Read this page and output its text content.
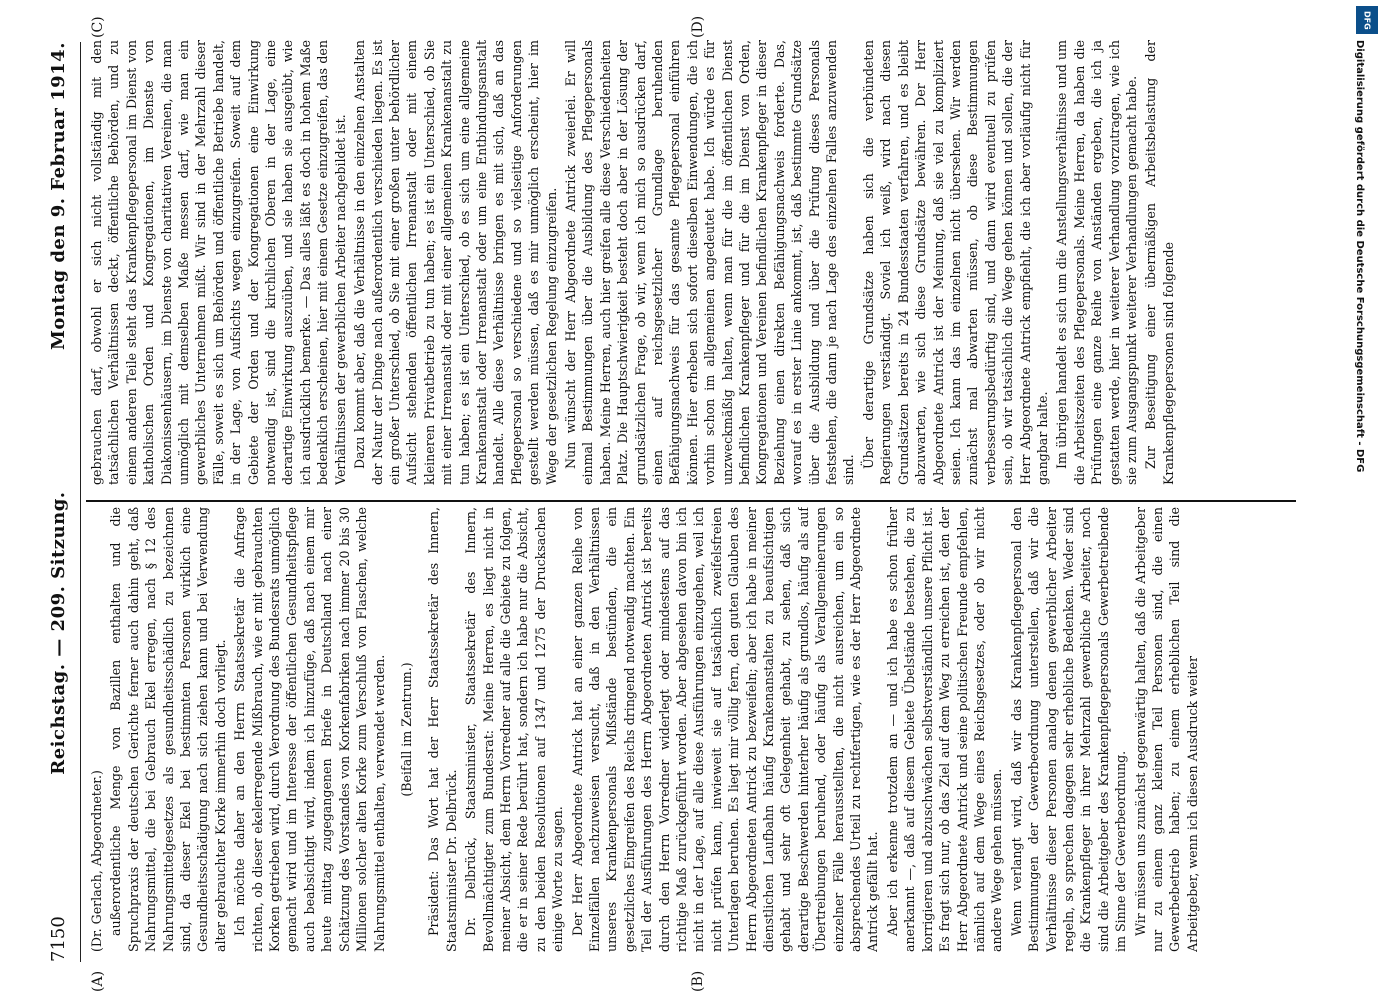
7150
Reichstag. — 209. Sitzung.
Montag den 9. Februar 1914.
(A)	(B)
(C)	(D)

(Dr. Gerlach, Abgeordneter.) außerordentliche Menge von Bazillen enthalten und die Spruchpraxis der deutschen Gerichte ferner auch dahin geht, daß Nahrungsmittel, die bei Gebrauch Ekel erregen, nach § 12 des Nahrungsmittelgesetzes als gesundheitsschädlich zu bezeichnen sind, da dieser Ekel bei bestimmten Personen wirklich eine Gesundheitsschädigung nach sich ziehen kann und bei Verwendung alter gebrauchter Korke immerhin doch vorliegt. Ich möchte daher an den Herrn Staatssekretär die Anfrage richten, ob dieser ekelerregende Mißbrauch, wie er mit gebrauchten Korken getrieben wird, durch Verordnung des Bundesrats unmöglich gemacht wird und im Interesse der öffentlichen Gesundheitspflege auch beabsichtigt wird, indem ich hinzufüge, daß nach einem mir heute mittag zugegangenen Briefe in Deutschland nach einer Schätzung des Vorstandes von Korkenfabriken nach immer 20 bis 30 Millionen solcher alten Korke zum Verschluß von Flaschen, welche Nahrungsmittel enthalten, verwendet werden. (Beifall im Zentrum.) Präsident: Das Wort hat der Herr Staatssekretär des Innern, Staatsminister Dr. Delbrück. Dr. Delbrück, Staatsminister, Staatssekretär des Innern, Bevollmächtigter zum Bundesrat: Meine Herren, es liegt nicht in meiner Absicht, dem Herrn Vorredner auf alle die Gebiete zu folgen, die er in seiner Rede berührt hat, sondern ich habe nur die Absicht, zu den beiden Resolutionen auf 1347 und 1275 der Drucksachen einige Worte zu sagen. Der Herr Abgeordnete Antrick hat an einer ganzen Reihe von Einzelfällen nachzuweisen versucht, daß in den Verhältnissen unseres Krankenpersonals Mißstände bestünden, die ein gesetzliches Eingreifen des Reichs dringend notwendig machten. Ein Teil der Ausführungen des Herrn Abgeordneten Antrick ist bereits durch den Herrn Vorredner widerlegt oder mindestens auf das richtige Maß zurückgeführt worden. Aber abgesehen davon bin ich nicht in der Lage, auf alle diese Ausführungen einzugehen, weil ich nicht prüfen kann, inwieweit sie auf tatsächlich zweifelsfreien Unterlagen beruhen. Es liegt mir völlig fern, den guten Glauben des Herrn Abgeordneten Antrick zu bezweifeln; aber ich habe in meiner dienstlichen Laufbahn häufig Krankenanstalten zu beaufsichtigen gehabt und sehr oft Gelegenheit gehabt, zu sehen, daß sich derartige Beschwerden hinterher häufig als grundlos, häufig als auf Übertreibungen beruhend, oder häufig als Verallgemeinerungen einzelner Fälle herausstellten, die nicht ausreichen, um ein so absprechendes Urteil zu rechtfertigen, wie es der Herr Abgeordnete Antrick gefällt hat. Aber ich erkenne trotzdem an — und ich habe es schon früher anerkannt —, daß auf diesem Gebiete Übelstände bestehen, die zu korrigieren und abzuschwächen selbstverständlich unsere Pflicht ist. Es fragt sich nur, ob das Ziel auf dem Weg zu erreichen ist, den der Herr Abgeordnete Antrick und seine politischen Freunde empfehlen, nämlich auf dem Wege eines Reichsgesetzes, oder ob wir nicht andere Wege gehen müssen. Wenn verlangt wird, daß wir das Krankenpflegepersonal den Bestimmungen der Gewerbeordnung unterstellen, daß wir die Verhältnisse dieser Personen analog denen gewerblicher Arbeiter regeln, so sprechen dagegen sehr erhebliche Bedenken. Weder sind die Krankenpfleger in ihrer Mehrzahl gewerbliche Arbeiter, noch sind die Arbeitgeber des Krankenpflegepersonals Gewerbetreibende im Sinne der Gewerbeordnung. Wir müssen uns zunächst gegenwärtig halten, daß die Arbeitgeber nur zu einem ganz kleinen Teil Personen sind, die einen Gewerbebetrieb haben; zu einem erheblichen Teil sind die Arbeitgeber, wenn ich diesen Ausdruck weiter

gebrauchen darf, obwohl er sich nicht vollständig mit den tatsächlichen Verhältnissen deckt, öffentliche Behörden, und zu einem anderen Teile steht das Krankenpflegepersonal im Dienst von katholischen Orden und Kongregationen, im Dienste von Diakonissenhäusern, im Dienste von charitativen Vereinen, die man unmöglich mit demselben Maße messen darf, wie man ein gewerbliches Unternehmen mißt. Wir sind in der Mehrzahl dieser Fälle, soweit es sich um Behörden und öffentliche Betriebe handelt, in der Lage, von Aufsichts wegen einzugreifen. Soweit auf dem Gebiete der Orden und der Kongregationen eine Einwirkung notwendig ist, sind die kirchlichen Oberen in der Lage, eine derartige Einwirkung auszuüben, und sie haben sie ausgeübt, wie ich ausdrücklich bemerke. — Das alles läßt es doch in hohem Maße bedenklich erscheinen, hier mit einem Gesetze einzugreifen, das den Verhältnissen der gewerblichen Arbeiter nachgebildet ist. Dazu kommt aber, daß die Verhältnisse in den einzelnen Anstalten der Natur der Dinge nach außerordentlich verschieden liegen. Es ist ein großer Unterschied, ob Sie mit einer großen unter behördlicher Aufsicht stehenden öffentlichen Irrenanstalt oder mit einem kleineren Privatbetrieb zu tun haben; es ist ein Unterschied, ob Sie mit einer Irrenanstalt oder mit einer allgemeinen Krankenanstalt zu tun haben; es ist ein Unterschied, ob es sich um eine allgemeine Krankenanstalt oder Irrenanstalt oder um eine Entbindungsanstalt handelt. Alle diese Verhältnisse bringen es mit sich, daß an das Pflegepersonal so verschiedene und so vielseitige Anforderungen gestellt werden müssen, daß es mir unmöglich erscheint, hier im Wege der gesetzlichen Regelung einzugreifen. Nun wünscht der Herr Abgeordnete Antrick zweierlei. Er will einmal Bestimmungen über die Ausbildung des Pflegepersonals haben. Meine Herren, auch hier greifen alle diese Verschiedenheiten Platz. Die Hauptschwierigkeit besteht doch aber in der Lösung der grundsätzlichen Frage, ob wir, wenn ich mich so ausdrücken darf, einen auf reichsgesetzlicher Grundlage beruhenden Befähigungsnachweis für das gesamte Pflegepersonal einführen können. Hier erheben sich sofort dieselben Einwendungen, die ich vorhin schon im allgemeinen angedeutet habe. Ich würde es für unzweckmäßig halten, wenn man für die im öffentlichen Dienst befindlichen Krankenpfleger und für die im Dienst von Orden, Kongregationen und Vereinen befindlichen Krankenpfleger in dieser Beziehung einen direkten Befähigungsnachweis forderte. Das, worauf es in erster Linie ankommt, ist, daß bestimmte Grundsätze über die Ausbildung und über die Prüfung dieses Personals feststehen, die dann je nach Lage des einzelnen Falles anzuwenden sind.

Über derartige Grundsätze haben sich die verbündeten Regierungen verständigt. Soviel ich weiß, wird nach diesen Grundsätzen bereits in 24 Bundesstaaten verfahren, und es bleibt abzuwarten, wie sich diese Grundsätze bewähren. Der Herr Abgeordnete Antrick ist der Meinung, daß sie viel zu kompliziert seien. Ich kann das im einzelnen nicht übersehen. Wir werden zunächst mal abwarten müssen, ob diese Bestimmungen verbesserungsbedürftig sind, und dann wird eventuell zu prüfen sein, ob wir tatsächlich die Wege gehen können und sollen, die der Herr Abgeordnete Antrick empfiehlt, die ich aber vorläufig nicht für gangbar halte. Im übrigen handelt es sich um die Anstellungsverhältnisse und um die Arbeitszeiten des Pflegepersonals. Meine Herren, da haben die Prüfungen eine ganze Reihe von Anständen ergeben, die ich ja gestatten werde, hier in weiterer Verhandlung vorzutragen, wie ich sie zum Ausgangspunkt weiterer Verhandlungen gemacht habe. Zur Beseitigung einer übermäßigen Arbeitsbelastung der Krankenpflegepersonen sind folgende

DFG
Digitalisierung gefördert durch die Deutsche Forschungsgemeinschaft - DFG
